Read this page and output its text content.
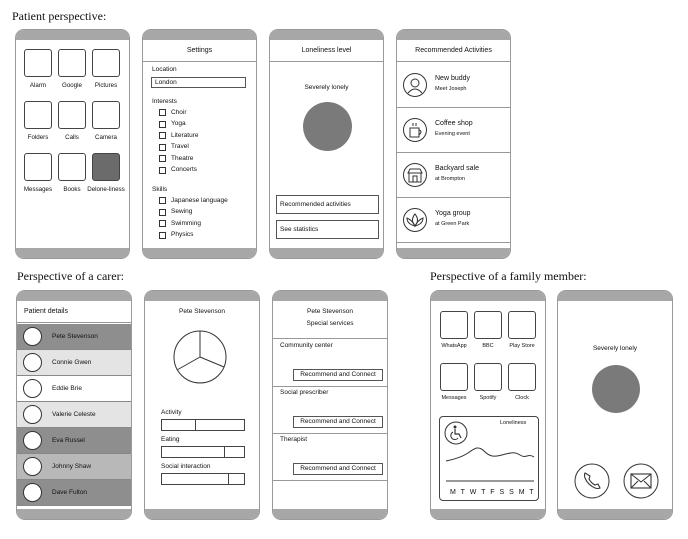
Patient perspective:
Perspective of a carer:	Perspective of a family member:
Alarm	Google	Pictures
Folders	Calls	Camera
Messages	Books	Delone-liness
Settings
Location
London
Interests
Choir
Yoga
Literature
Travel
Theatre
Concerts
Skills
Japanese language
Sewing
Swimming
Physics
Loneliness level
Severely lonely
Recommended activities
See statistics
Recommended Activities
New buddy
Meet Joseph
Coffee shop
Evening event
Backyard sale
at Brompton
Yoga group
at Green Park
Patient details
Pete Stevenson
Connie Gwen
Eddie Brie
Valerie Celeste
Eva Russel
Johnny Shaw
Dave Fulton
Pete Stevenson
Activity
Eating
Social interaction
Pete Stevenson
Special services
Community center
Recommend and Connect
Social prescriber
Recommend and Connect
Therapist
Recommend and Connect
WhatsApp	BBC	Play Store
Messages	Spotify	Clock
Loneliness
M T W T F S S M T
Severely lonely
